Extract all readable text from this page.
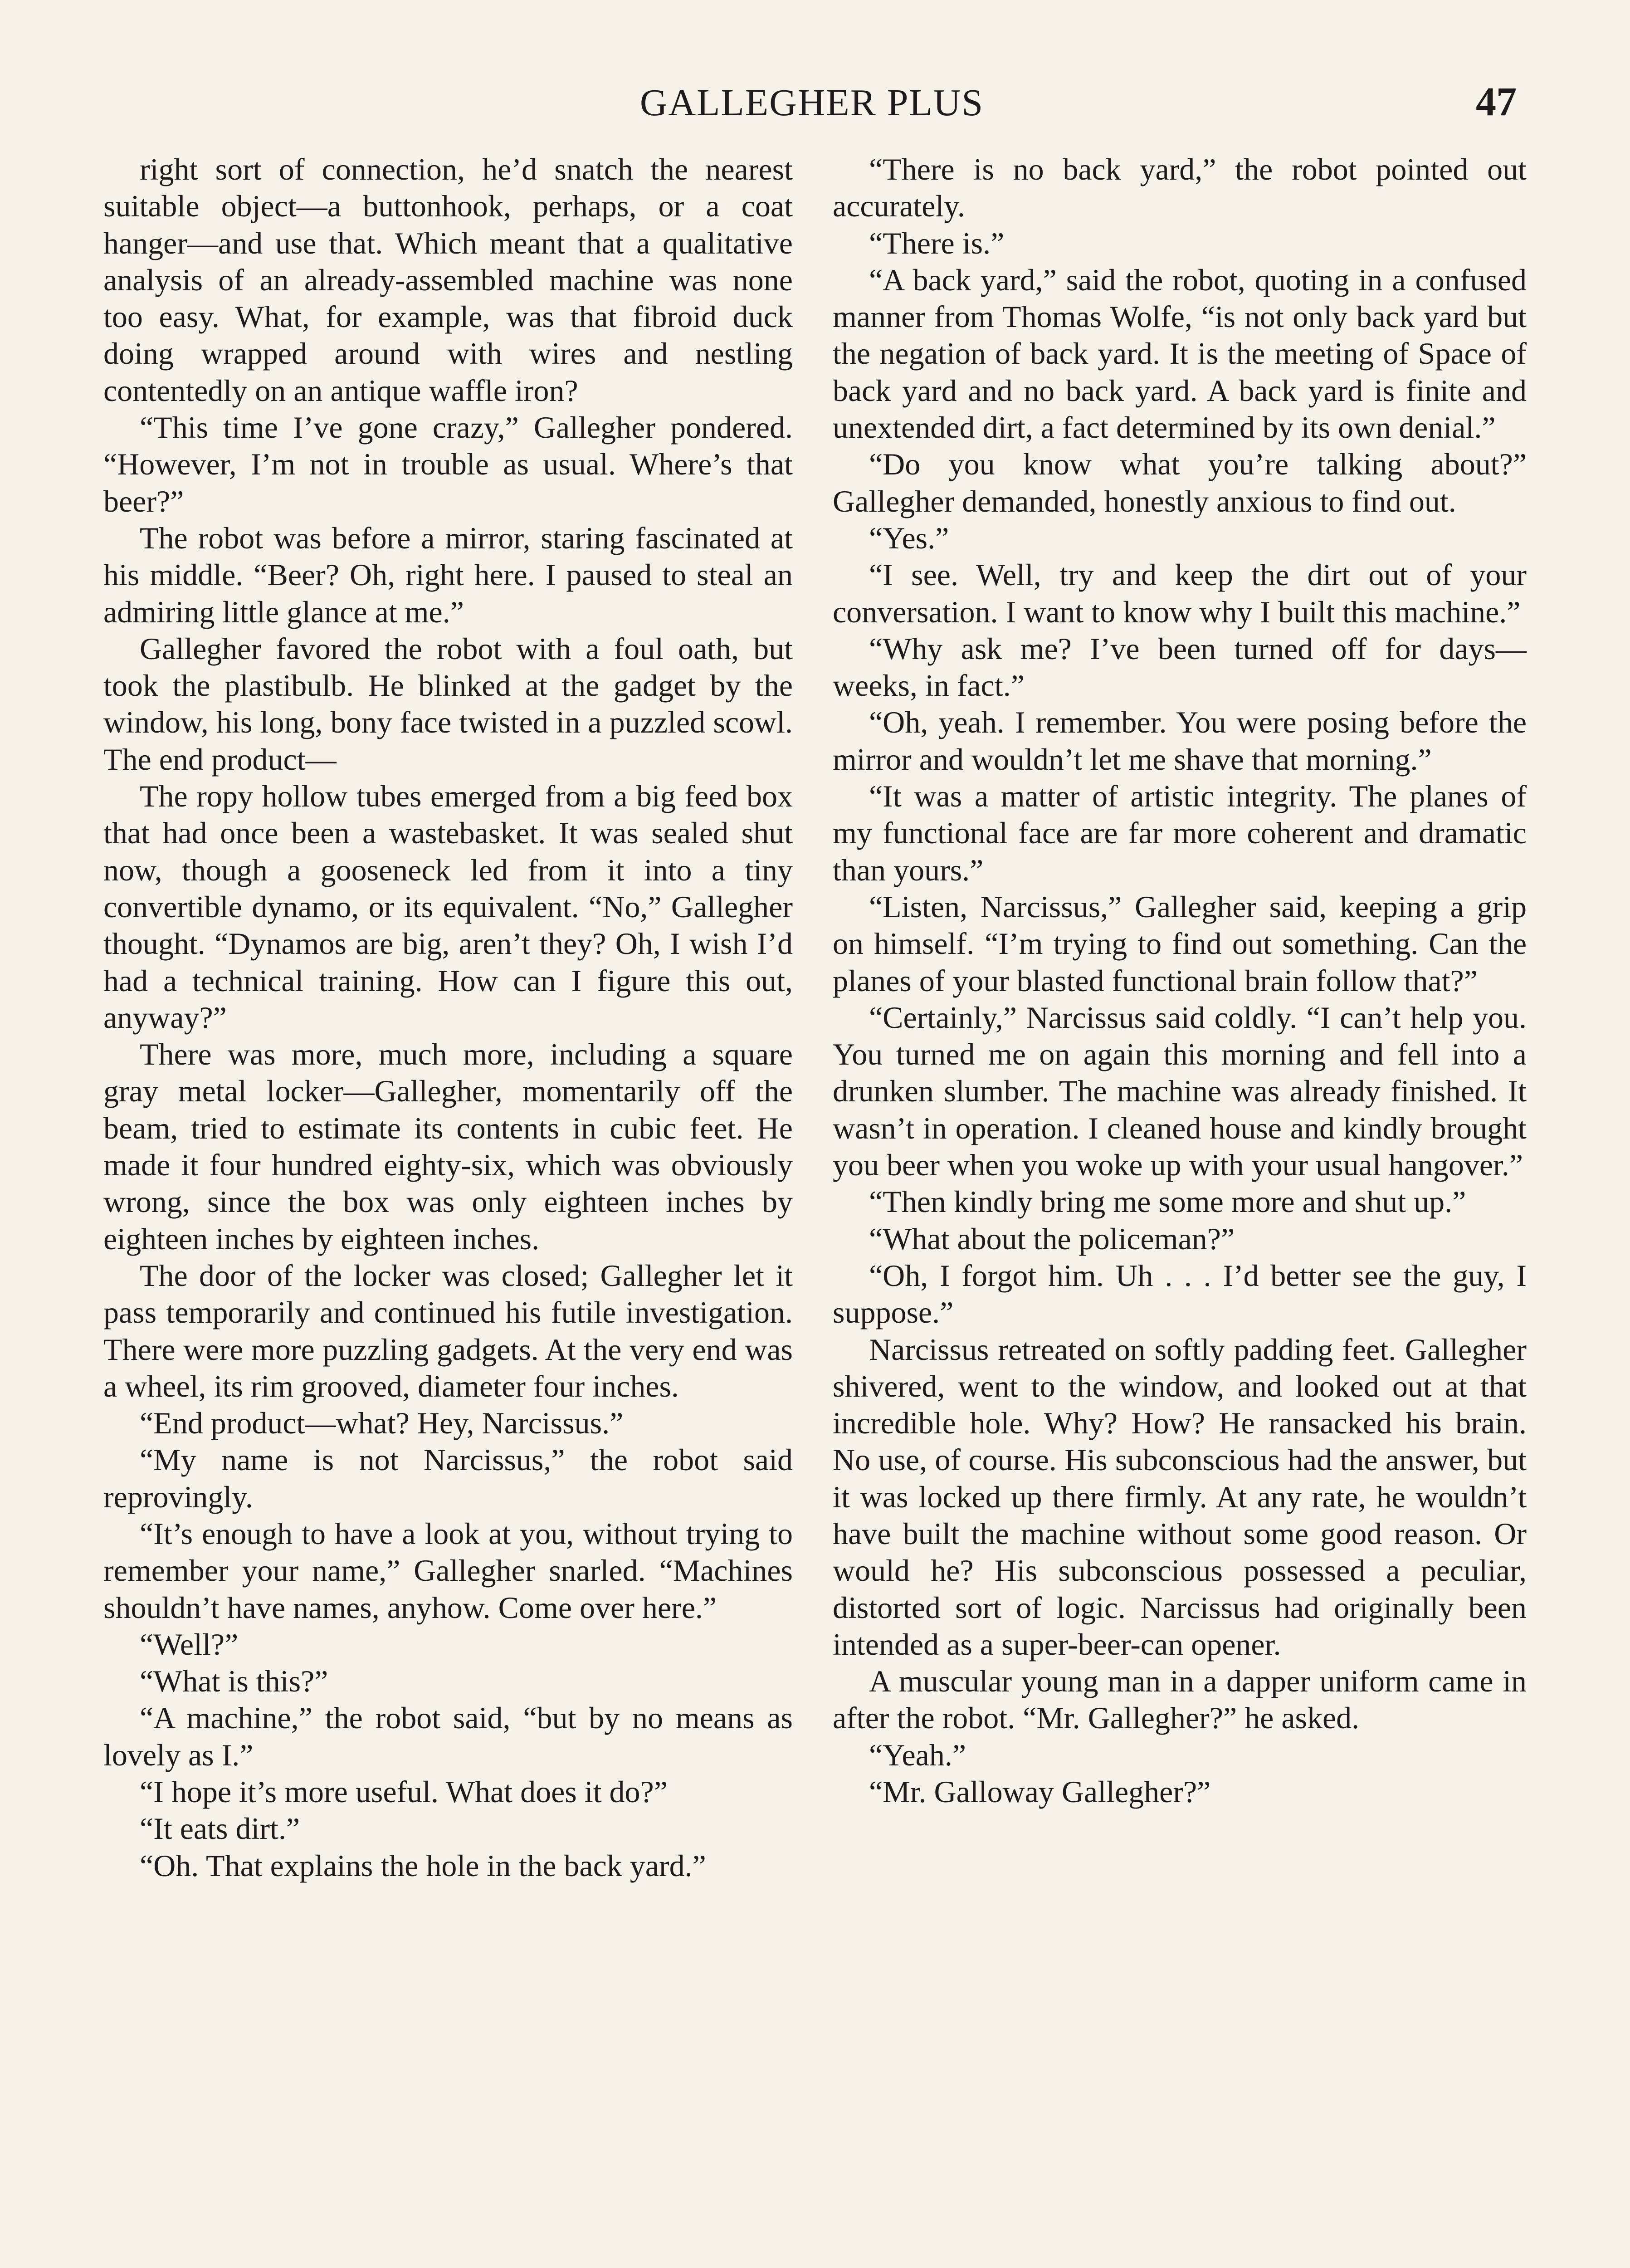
GALLEGHER PLUS	47

right sort of connection, he’d snatch the nearest suitable object—a buttonhook, perhaps, or a coat hanger—and use that. Which meant that a qualitative analysis of an already-assembled machine was none too easy. What, for example, was that fibroid duck doing wrapped around with wires and nestling contentedly on an antique waffle iron?

“This time I’ve gone crazy,” Gallegher pondered. “However, I’m not in trouble as usual. Where’s that beer?”

The robot was before a mirror, staring fascinated at his middle. “Beer? Oh, right here. I paused to steal an admiring little glance at me.”

Gallegher favored the robot with a foul oath, but took the plastibulb. He blinked at the gadget by the window, his long, bony face twisted in a puzzled scowl. The end product—

The ropy hollow tubes emerged from a big feed box that had once been a wastebasket. It was sealed shut now, though a gooseneck led from it into a tiny convertible dynamo, or its equivalent. “No,” Gallegher thought. “Dynamos are big, aren’t they? Oh, I wish I’d had a technical training. How can I figure this out, anyway?”

There was more, much more, including a square gray metal locker—Gallegher, momentarily off the beam, tried to estimate its contents in cubic feet. He made it four hundred eighty-six, which was obviously wrong, since the box was only eighteen inches by eighteen inches by eighteen inches.

The door of the locker was closed; Gallegher let it pass temporarily and continued his futile investigation. There were more puzzling gadgets. At the very end was a wheel, its rim grooved, diameter four inches.

“End product—what? Hey, Narcissus.”

“My name is not Narcissus,” the robot said reprovingly.

“It’s enough to have a look at you, without trying to remember your name,” Gallegher snarled. “Machines shouldn’t have names, anyhow. Come over here.”

“Well?”

“What is this?”

“A machine,” the robot said, “but by no means as lovely as I.”

“I hope it’s more useful. What does it do?”

“It eats dirt.”

“Oh. That explains the hole in the back yard.”

“There is no back yard,” the robot pointed out accurately.

“There is.”

“A back yard,” said the robot, quoting in a confused manner from Thomas Wolfe, “is not only back yard but the negation of back yard. It is the meeting of Space of back yard and no back yard. A back yard is finite and unextended dirt, a fact determined by its own denial.”

“Do you know what you’re talking about?” Gallegher demanded, honestly anxious to find out.

“Yes.”

“I see. Well, try and keep the dirt out of your conversation. I want to know why I built this machine.”

“Why ask me? I’ve been turned off for days—weeks, in fact.”

“Oh, yeah. I remember. You were posing before the mirror and wouldn’t let me shave that morning.”

“It was a matter of artistic integrity. The planes of my functional face are far more coherent and dramatic than yours.”

“Listen, Narcissus,” Gallegher said, keeping a grip on himself. “I’m trying to find out something. Can the planes of your blasted functional brain follow that?”

“Certainly,” Narcissus said coldly. “I can’t help you. You turned me on again this morning and fell into a drunken slumber. The machine was already finished. It wasn’t in operation. I cleaned house and kindly brought you beer when you woke up with your usual hangover.”

“Then kindly bring me some more and shut up.”

“What about the policeman?”

“Oh, I forgot him. Uh . . . I’d better see the guy, I suppose.”

Narcissus retreated on softly padding feet. Gallegher shivered, went to the window, and looked out at that incredible hole. Why? How? He ransacked his brain. No use, of course. His subconscious had the answer, but it was locked up there firmly. At any rate, he wouldn’t have built the machine without some good reason. Or would he? His subconscious possessed a peculiar, distorted sort of logic. Narcissus had originally been intended as a super-beer-can opener.

A muscular young man in a dapper uniform came in after the robot. “Mr. Gallegher?” he asked.

“Yeah.”

“Mr. Galloway Gallegher?”
